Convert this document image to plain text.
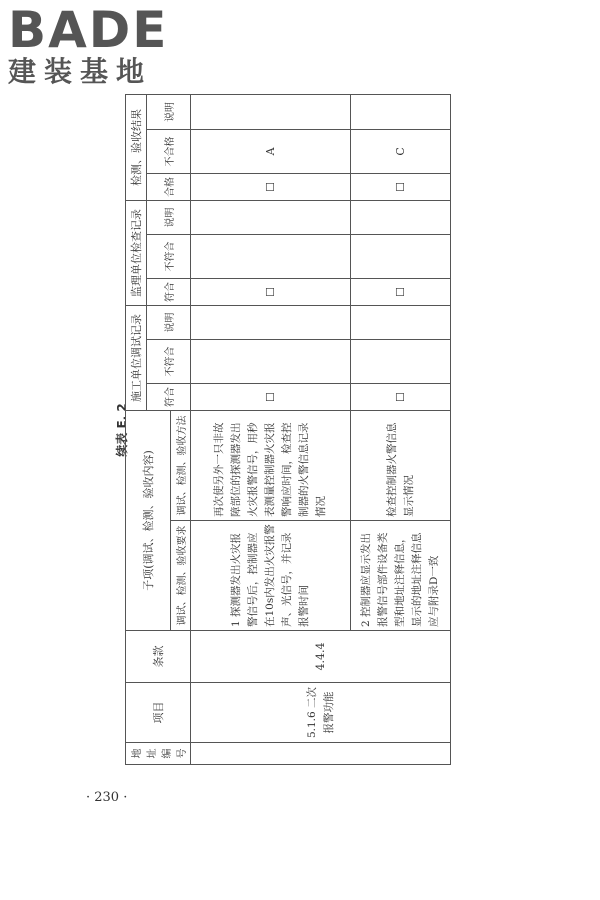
BADE
建装基地
续表 E. 2
地址编号	项目	条款	子项(调试、检测、验收内容)		施工单位调试记录			监理单位检查记录			检测、验收结果		
					符合	不符合	说明	符合	不符合	说明	合格	不合格	说明
			调试、检测、验收要求	调试、检测、验收方法									
	5.1.6 二次报警功能	4.4.4	1 探测器发出火灾报警信号后，控制器应在10s内发出火灾报警声、光信号，并记录报警时间	再次使另外一只非故障部位的探测器发出火灾报警信号，用秒表测量控制器火灾报警响应时间，检查控制器的火警信息记录情况	☐			☐			☐	A	
			2 控制器应显示发出报警信号部件设备类型和地址注释信息，显示的地址注释信息应与附录D一致	检查控制器火警信息显示情况	☐			☐			☐	C	
· 230 ·
